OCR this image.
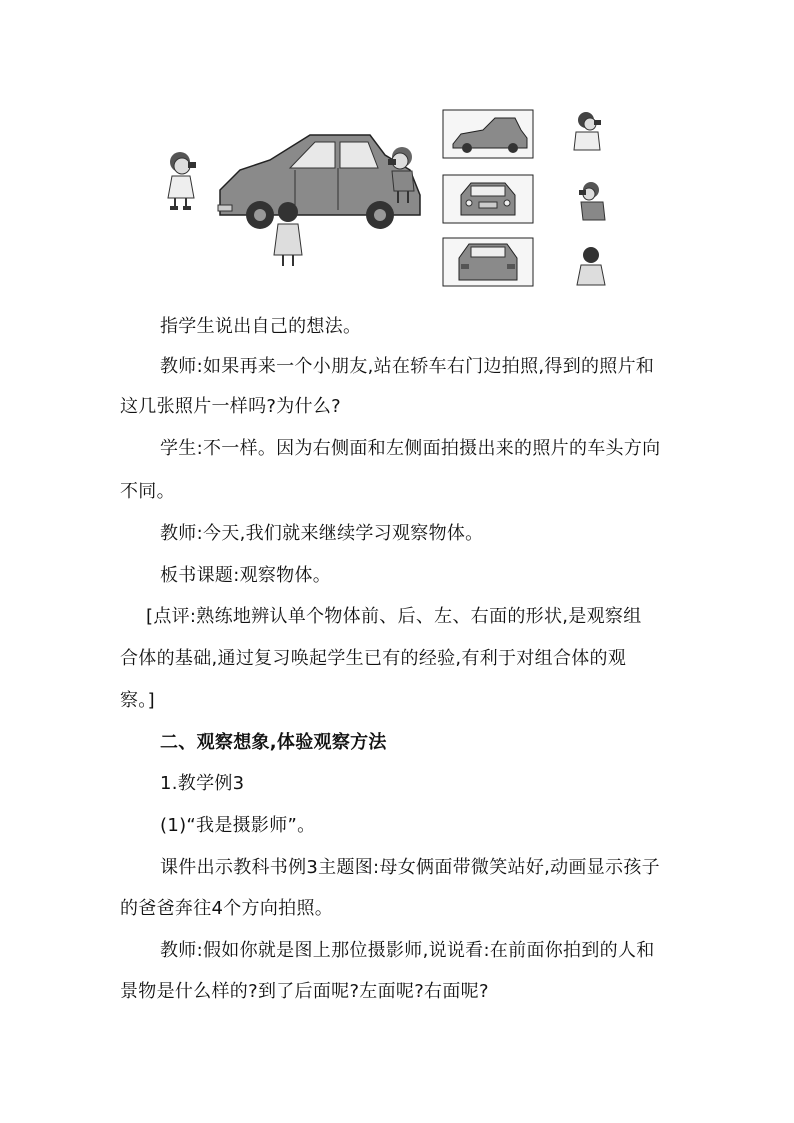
指学生说出自己的想法。
教师:如果再来一个小朋友,站在轿车右门边拍照,得到的照片和
这几张照片一样吗?为什么?
学生:不一样。因为右侧面和左侧面拍摄出来的照片的车头方向
不同。
教师:今天,我们就来继续学习观察物体。
板书课题:观察物体。
[点评:熟练地辨认单个物体前、后、左、右面的形状,是观察组
合体的基础,通过复习唤起学生已有的经验,有利于对组合体的观
察。]
二、观察想象,体验观察方法
1.教学例3
(1)“我是摄影师”。
课件出示教科书例3主题图:母女俩面带微笑站好,动画显示孩子
的爸爸奔往4个方向拍照。
教师:假如你就是图上那位摄影师,说说看:在前面你拍到的人和
景物是什么样的?到了后面呢?左面呢?右面呢?
